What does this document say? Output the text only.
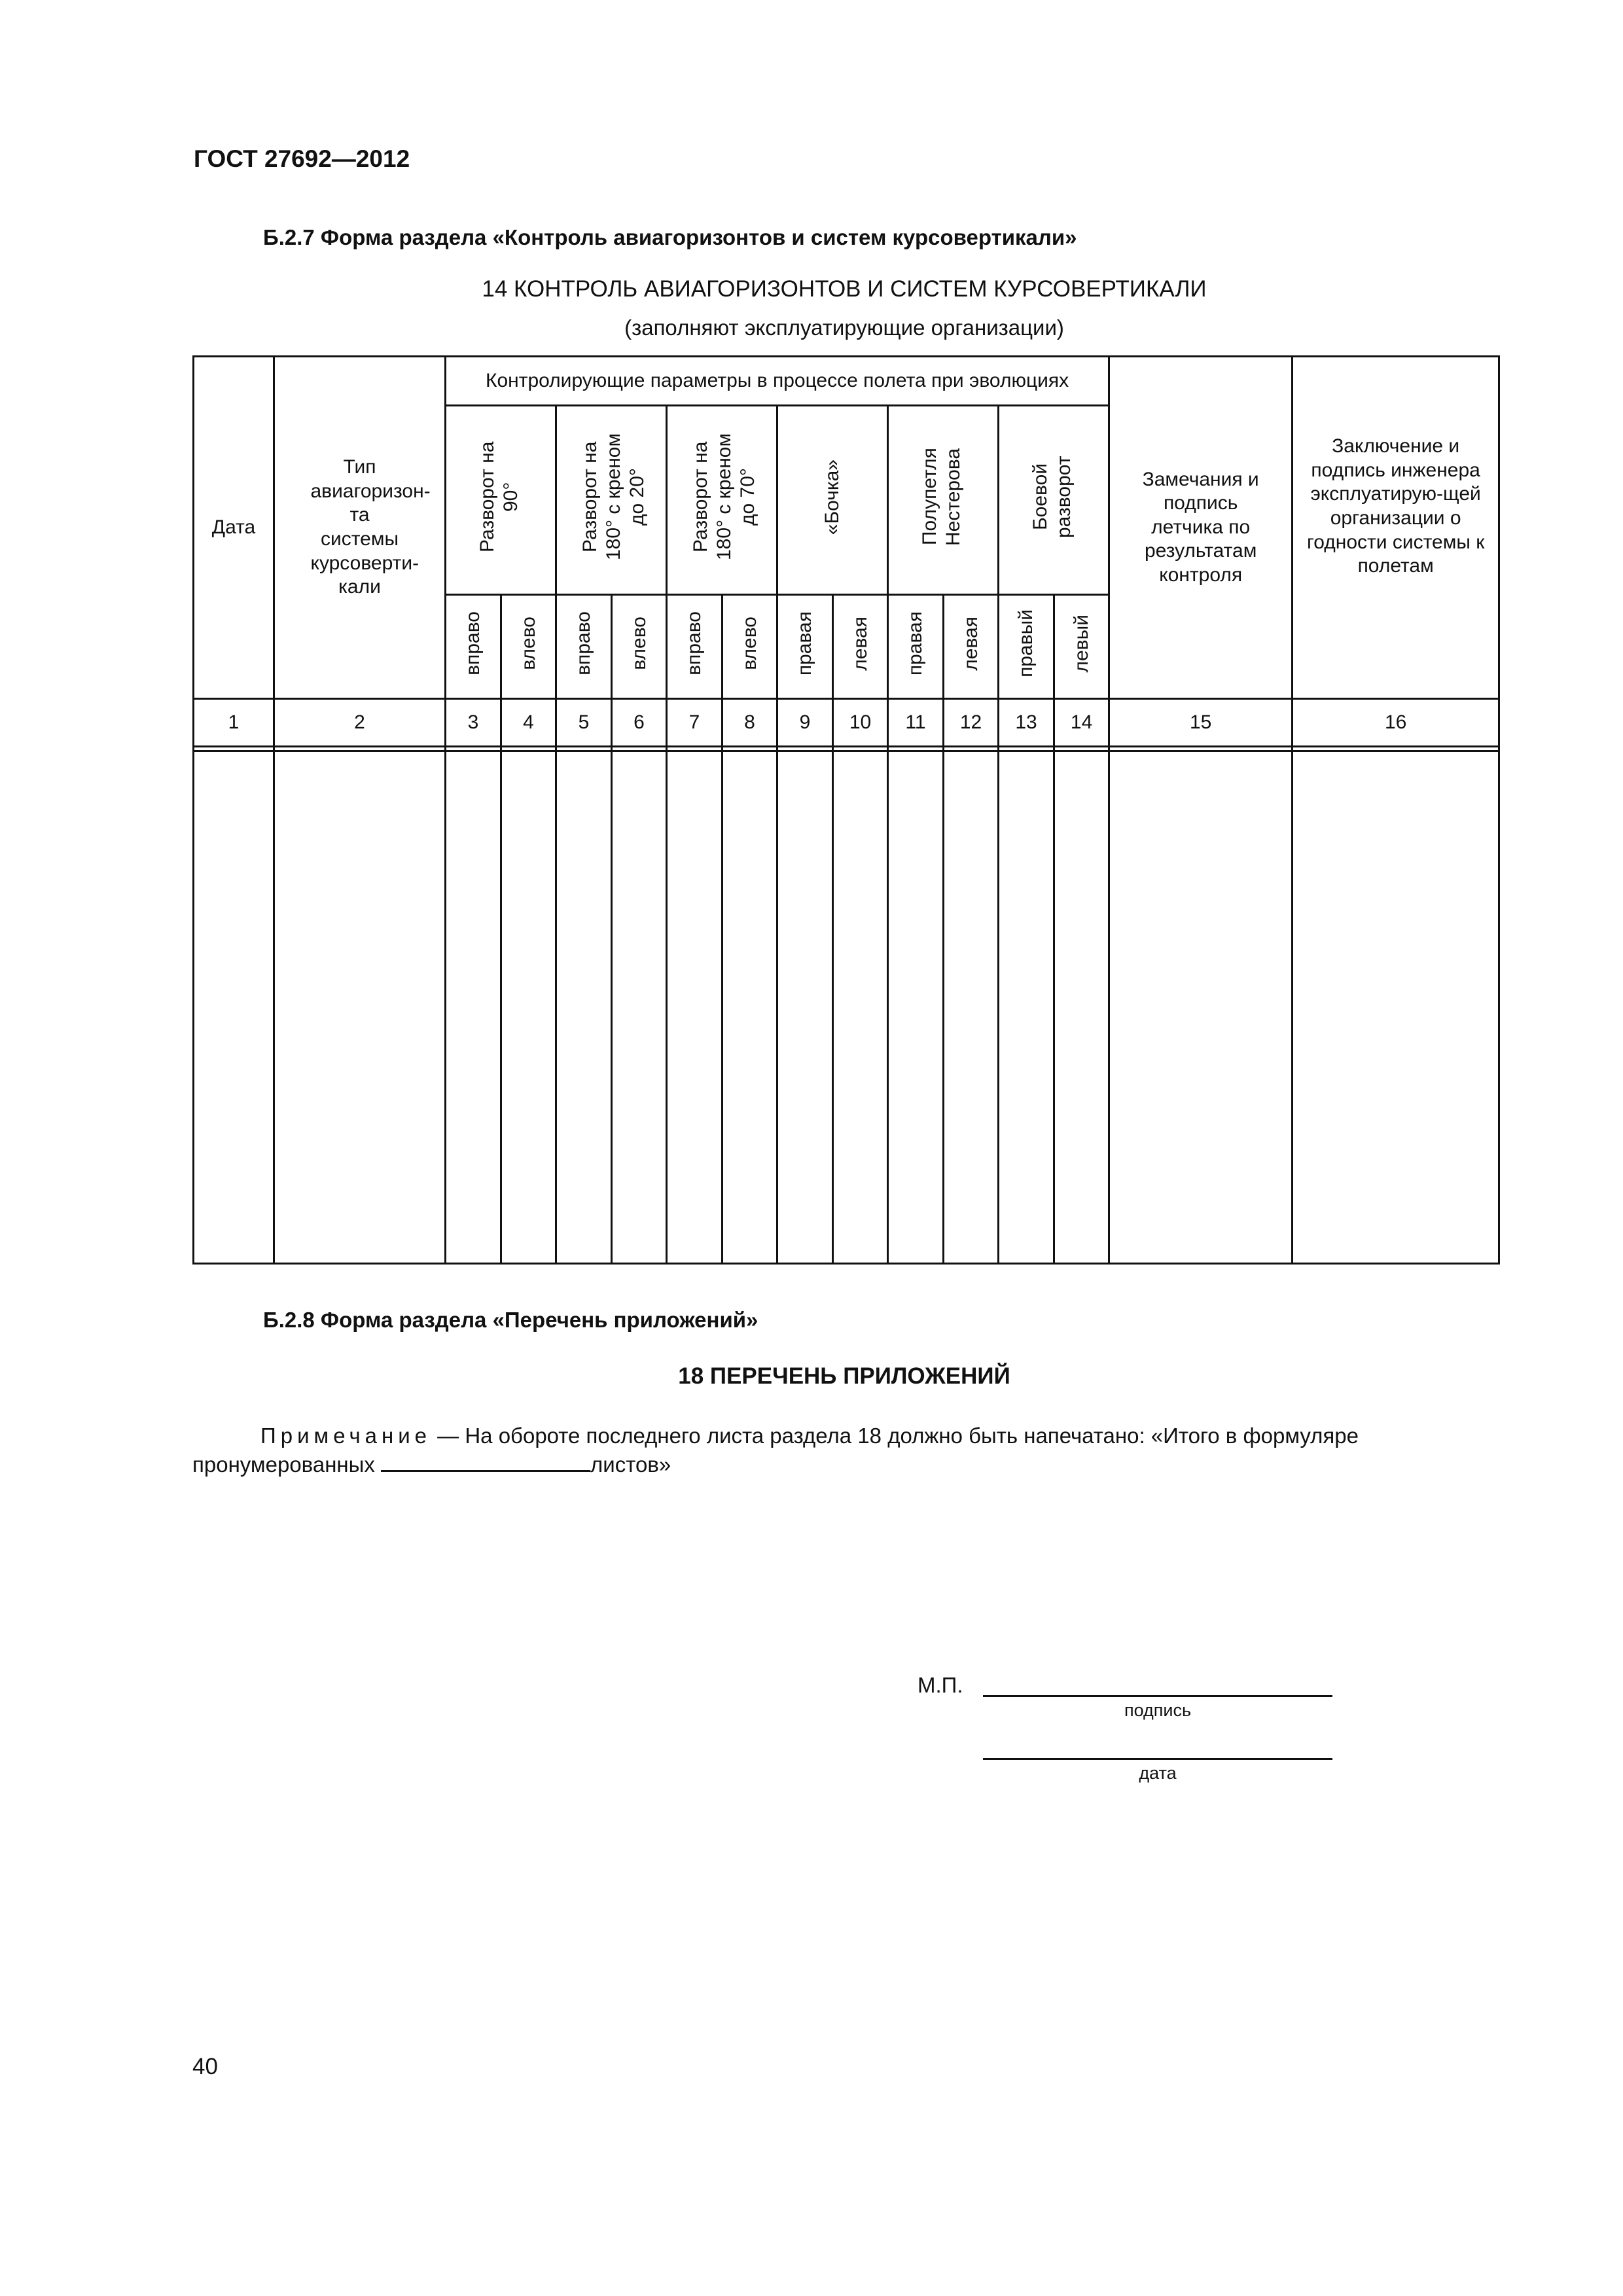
ГОСТ 27692—2012
Б.2.7 Форма раздела «Контроль авиагоризонтов и систем курсовертикали»
14 КОНТРОЛЬ АВИАГОРИЗОНТОВ И СИСТЕМ КУРСОВЕРТИКАЛИ
(заполняют эксплуатирующие организации)
Дата	Тип авиагоризон-та системы курсоверти-кали	Контролирующие параметры в процессе полета при эволюциях												Замечания и подпись летчика по результатам контроля	Заключение и подпись инженера эксплуатирую-щей организации о годности системы к полетам

		Разворот на 90°		Разворот на 180° с креном до 20°		Разворот на 180° с креном до 70°		«Бочка»		Полупетля Нестерова		Боевой разворот			
		вправо	влево	вправо	влево	вправо	влево	правая	левая	правая	левая	правый	левый		
1	2	3	4	5	6	7	8	9	10	11	12	13	14	15	16

Б.2.8 Форма раздела «Перечень приложений»
18 ПЕРЕЧЕНЬ ПРИЛОЖЕНИЙ
Примечание — На обороте последнего листа раздела 18 должно быть напечатано: «Итого в формуляре пронумерованных	листов»
М.П.
подпись
дата
40
